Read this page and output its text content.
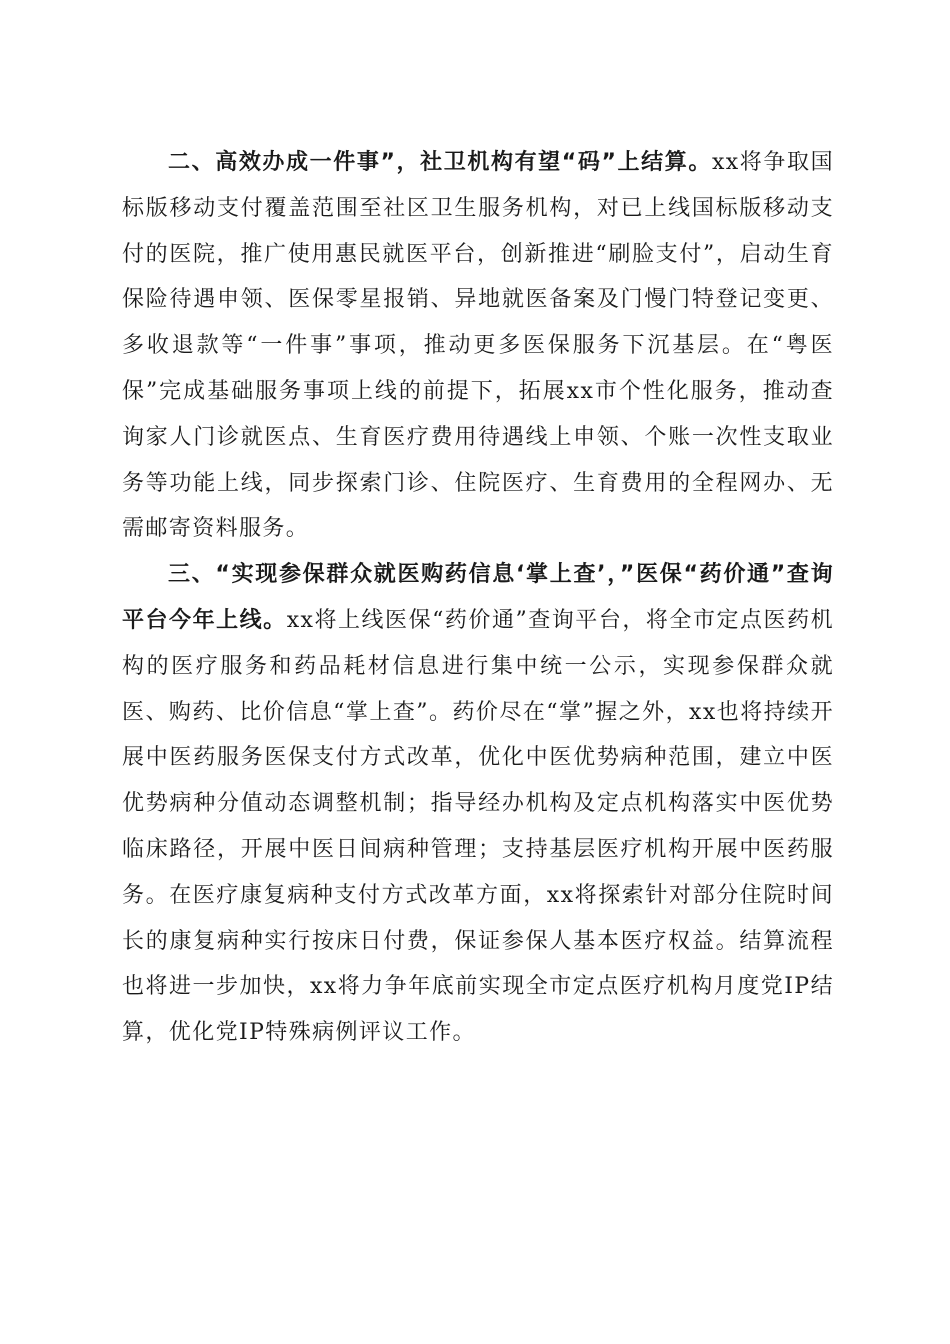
二、高效办成一件事”，社卫机构有望“码”上结算。xx将争取国标版移动支付覆盖范围至社区卫生服务机构，对已上线国标版移动支付的医院，推广使用惠民就医平台，创新推进“刷脸支付”，启动生育保险待遇申领、医保零星报销、异地就医备案及门慢门特登记变更、多收退款等“一件事”事项，推动更多医保服务下沉基层。在“粤医保”完成基础服务事项上线的前提下，拓展xx市个性化服务，推动查询家人门诊就医点、生育医疗费用待遇线上申领、个账一次性支取业务等功能上线，同步探索门诊、住院医疗、生育费用的全程网办、无需邮寄资料服务。

三、“实现参保群众就医购药信息‘掌上查’，”医保“药价通”查询平台今年上线。xx将上线医保“药价通”查询平台，将全市定点医药机构的医疗服务和药品耗材信息进行集中统一公示，实现参保群众就医、购药、比价信息“掌上查”。药价尽在“掌”握之外，xx也将持续开展中医药服务医保支付方式改革，优化中医优势病种范围，建立中医优势病种分值动态调整机制；指导经办机构及定点机构落实中医优势临床路径，开展中医日间病种管理；支持基层医疗机构开展中医药服务。在医疗康复病种支付方式改革方面，xx将探索针对部分住院时间长的康复病种实行按床日付费，保证参保人基本医疗权益。结算流程也将进一步加快，xx将力争年底前实现全市定点医疗机构月度党IP结算，优化党IP特殊病例评议工作。
